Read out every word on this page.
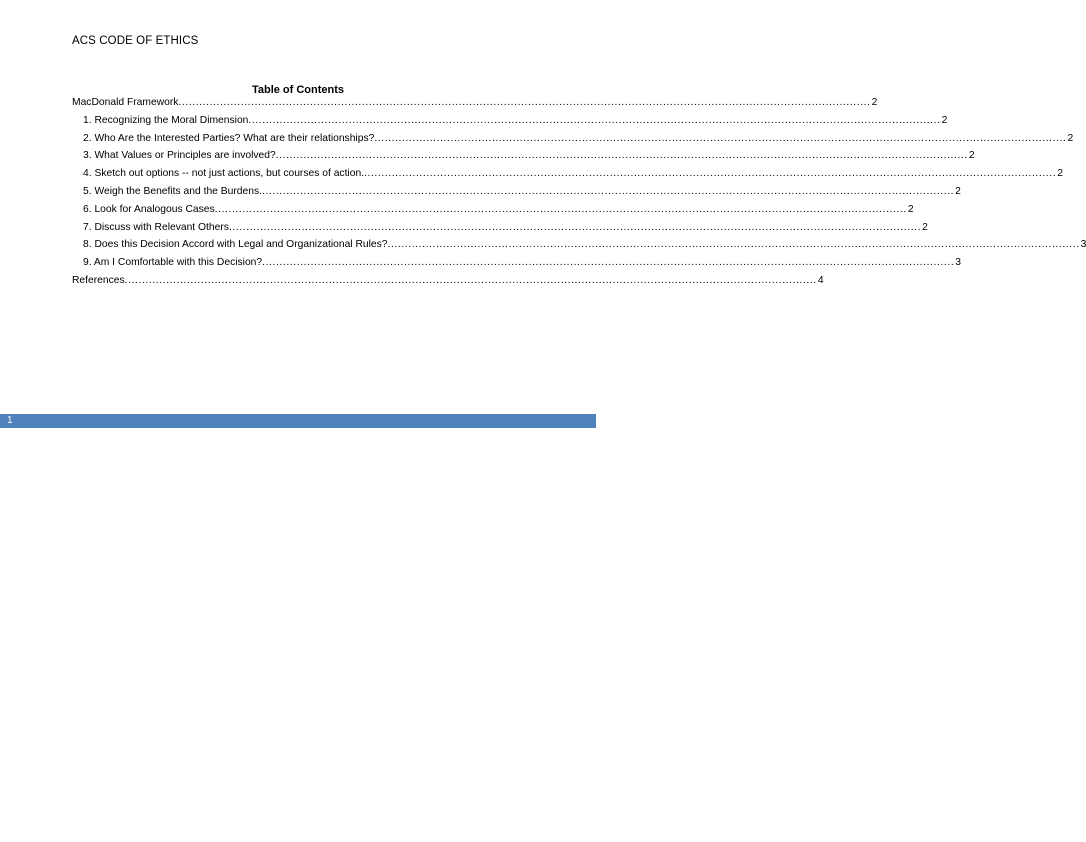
ACS CODE OF ETHICS
Table of Contents
MacDonald Framework ........................................................................................................................................................................................................ 2
1. Recognizing the Moral Dimension ........................................................................................................................................................................................................ 2
2. Who Are the Interested Parties? What are their relationships? ........................................................................................................................................................................................................ 2
3. What Values or Principles are involved? ........................................................................................................................................................................................................ 2
4. Sketch out options -- not just actions, but courses of action. ........................................................................................................................................................................................................ 2
5. Weigh the Benefits and the Burdens. ........................................................................................................................................................................................................ 2
6. Look for Analogous Cases ........................................................................................................................................................................................................ 2
7. Discuss with Relevant Others ........................................................................................................................................................................................................ 2
8. Does this Decision Accord with Legal and Organizational Rules? ........................................................................................................................................................................................................ 3
9. Am I Comfortable with this Decision? ........................................................................................................................................................................................................ 3
References ........................................................................................................................................................................................................ 4
1
